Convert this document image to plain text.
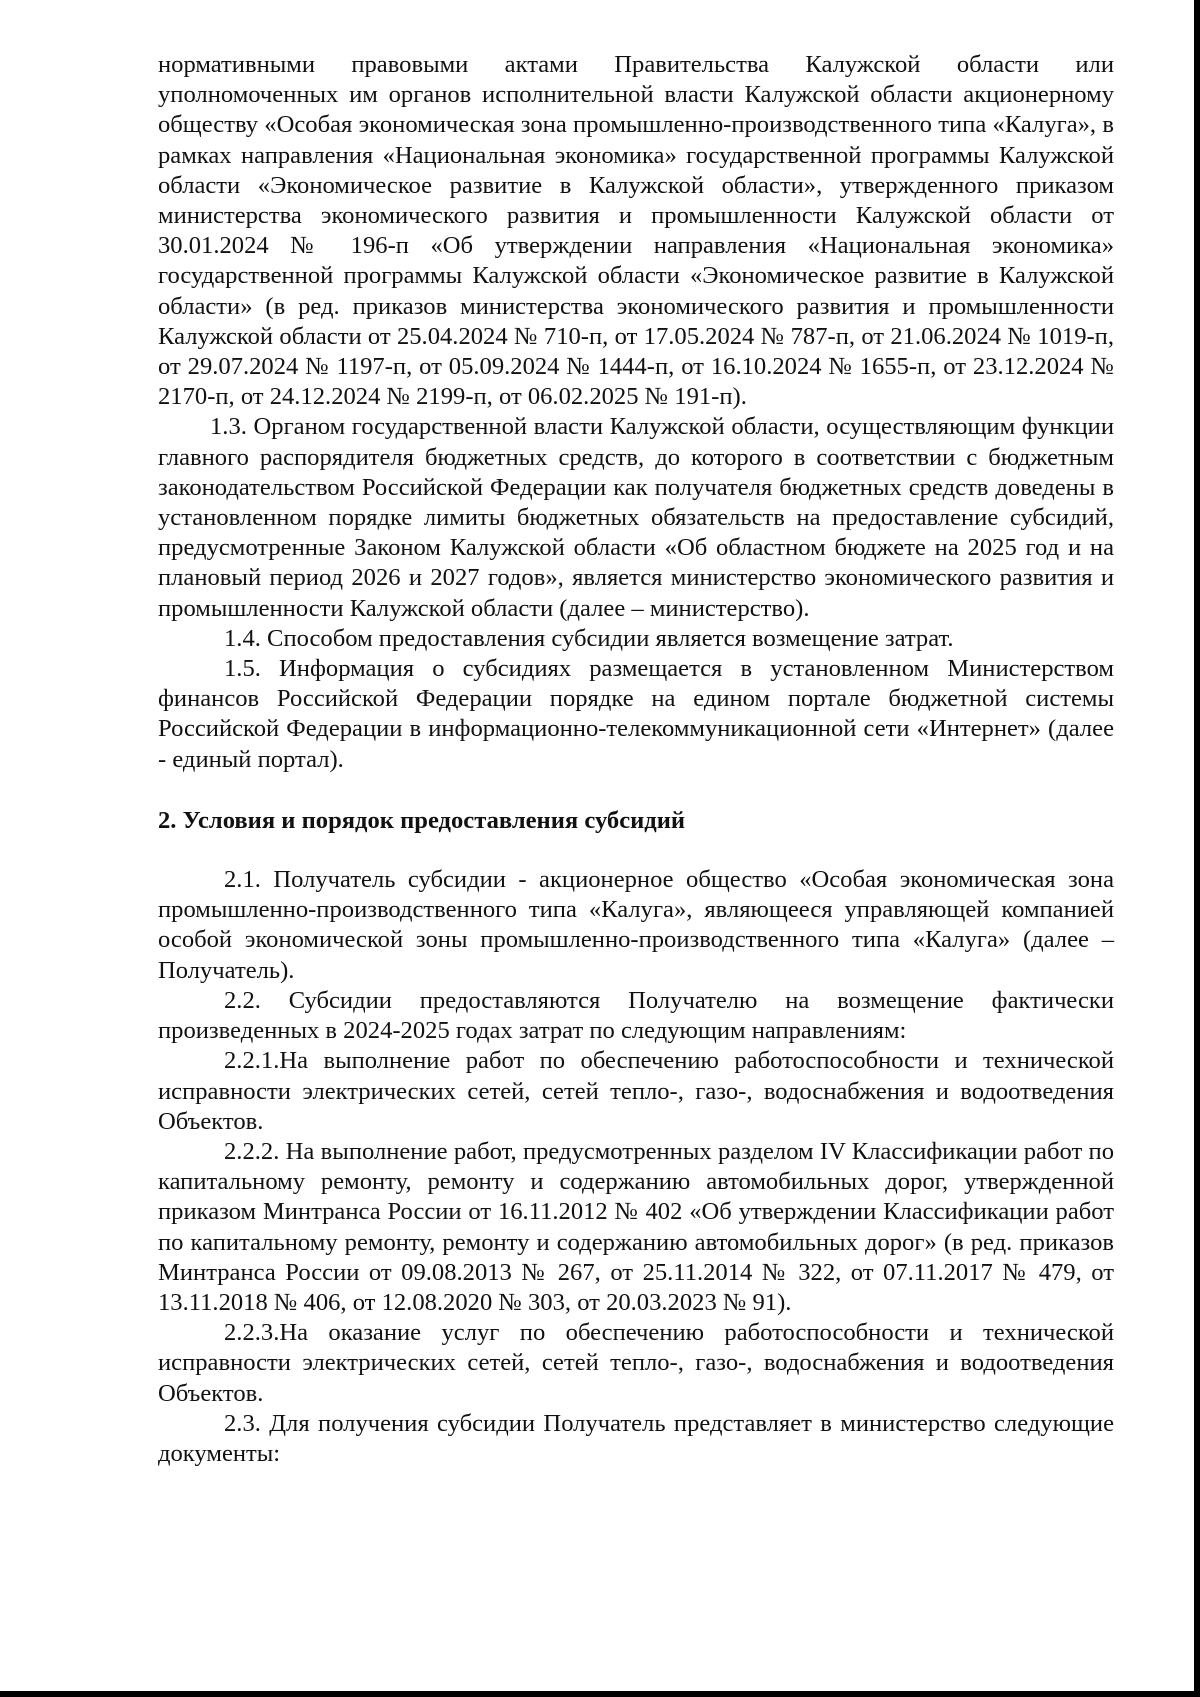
нормативными правовыми актами Правительства Калужской области или уполномоченных им органов исполнительной власти Калужской области акционерному обществу «Особая экономическая зона промышленно-производственного типа «Калуга», в рамках направления «Национальная экономика» государственной программы Калужской области «Экономическое развитие в Калужской области», утвержденного приказом министерства экономического развития и промышленности Калужской области от 30.01.2024 № 196-п «Об утверждении направления «Национальная экономика» государственной программы Калужской области «Экономическое развитие в Калужской области» (в ред. приказов министерства экономического развития и промышленности Калужской области от 25.04.2024 № 710-п, от 17.05.2024 № 787-п, от 21.06.2024 № 1019-п, от 29.07.2024 № 1197-п, от 05.09.2024 № 1444-п, от 16.10.2024 № 1655-п, от 23.12.2024 № 2170-п, от 24.12.2024 № 2199-п, от 06.02.2025 № 191-п).

1.3. Органом государственной власти Калужской области, осуществляющим функции главного распорядителя бюджетных средств, до которого в соответствии с бюджетным законодательством Российской Федерации как получателя бюджетных средств доведены в установленном порядке лимиты бюджетных обязательств на предоставление субсидий, предусмотренные Законом Калужской области «Об областном бюджете на 2025 год и на плановый период 2026 и 2027 годов», является министерство экономического развития и промышленности Калужской области (далее – министерство).

1.4. Способом предоставления субсидии является возмещение затрат.

1.5. Информация о субсидиях размещается в установленном Министерством финансов Российской Федерации порядке на едином портале бюджетной системы Российской Федерации в информационно-телекоммуникационной сети «Интернет» (далее - единый портал).

2. Условия и порядок предоставления субсидий

2.1. Получатель субсидии - акционерное общество «Особая экономическая зона промышленно-производственного типа «Калуга», являющееся управляющей компанией особой экономической зоны промышленно-производственного типа «Калуга» (далее – Получатель).

2.2. Субсидии предоставляются Получателю на возмещение фактически произведенных в 2024-2025 годах затрат по следующим направлениям:

2.2.1.На выполнение работ по обеспечению работоспособности и технической исправности электрических сетей, сетей тепло-, газо-, водоснабжения и водоотведения Объектов.

2.2.2. На выполнение работ, предусмотренных разделом IV Классификации работ по капитальному ремонту, ремонту и содержанию автомобильных дорог, утвержденной приказом Минтранса России от 16.11.2012 № 402 «Об утверждении Классификации работ по капитальному ремонту, ремонту и содержанию автомобильных дорог» (в ред. приказов Минтранса России от 09.08.2013 № 267, от 25.11.2014 № 322, от 07.11.2017 № 479, от 13.11.2018 № 406, от 12.08.2020 № 303, от 20.03.2023 № 91).

2.2.3.На оказание услуг по обеспечению работоспособности и технической исправности электрических сетей, сетей тепло-, газо-, водоснабжения и водоотведения Объектов.

2.3. Для получения субсидии Получатель представляет в министерство следующие документы:
